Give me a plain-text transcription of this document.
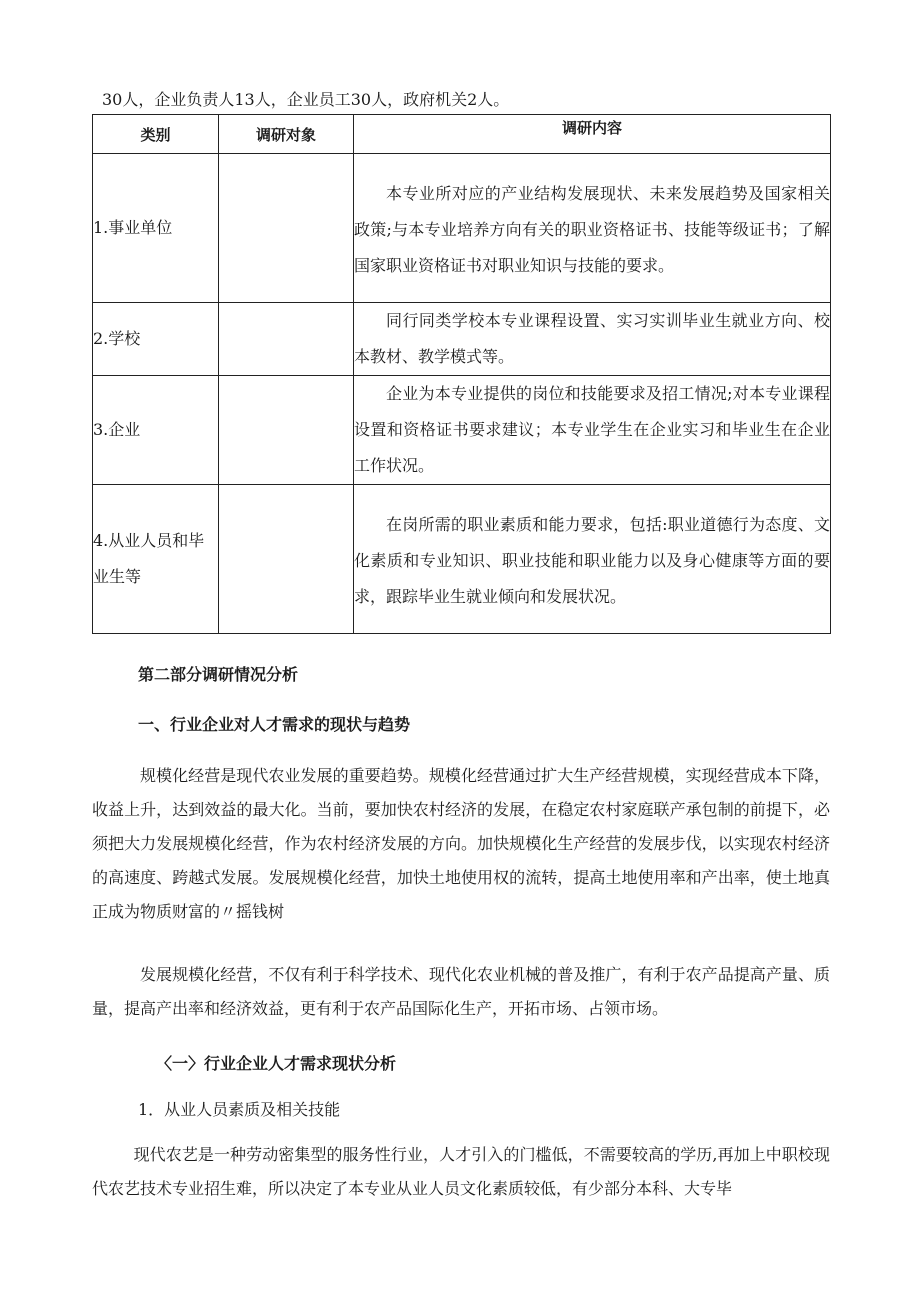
30人，企业负责人13人，企业员工30人，政府机关2人。
类别	调研对象	调研内容
1.事业单位		本专业所对应的产业结构发展现状、未来发展趋势及国家相关政策;与本专业培养方向有关的职业资格证书、技能等级证书；了解国家职业资格证书对职业知识与技能的要求。

2.学校		同行同类学校本专业课程设置、实习实训毕业生就业方向、校本教材、教学模式等。

3.企业		企业为本专业提供的岗位和技能要求及招工情况;对本专业课程设置和资格证书要求建议；本专业学生在企业实习和毕业生在企业工作状况。

4.从业人员和毕业生等		在岗所需的职业素质和能力要求，包括:职业道德行为态度、文化素质和专业知识、职业技能和职业能力以及身心健康等方面的要求，跟踪毕业生就业倾向和发展状况。
第二部分调研情况分析
一、行业企业对人才需求的现状与趋势
规模化经营是现代农业发展的重要趋势。规模化经营通过扩大生产经营规模，实现经营成本下降，收益上升，达到效益的最大化。当前，要加快农村经济的发展，在稳定农村家庭联产承包制的前提下，必须把大力发展规模化经营，作为农村经济发展的方向。加快规模化生产经营的发展步伐，以实现农村经济的高速度、跨越式发展。发展规模化经营，加快土地使用权的流转，提高土地使用率和产出率，使土地真正成为物质财富的〃摇钱树
发展规模化经营，不仅有利于科学技术、现代化农业机械的普及推广，有利于农产品提高产量、质量，提高产出率和经济效益，更有利于农产品国际化生产，开拓市场、占领市场。
〈一〉行业企业人才需求现状分析
1．从业人员素质及相关技能
现代农艺是一种劳动密集型的服务性行业，人才引入的门槛低，不需要较高的学历,再加上中职校现代农艺技术专业招生难，所以决定了本专业从业人员文化素质较低，有少部分本科、大专毕
